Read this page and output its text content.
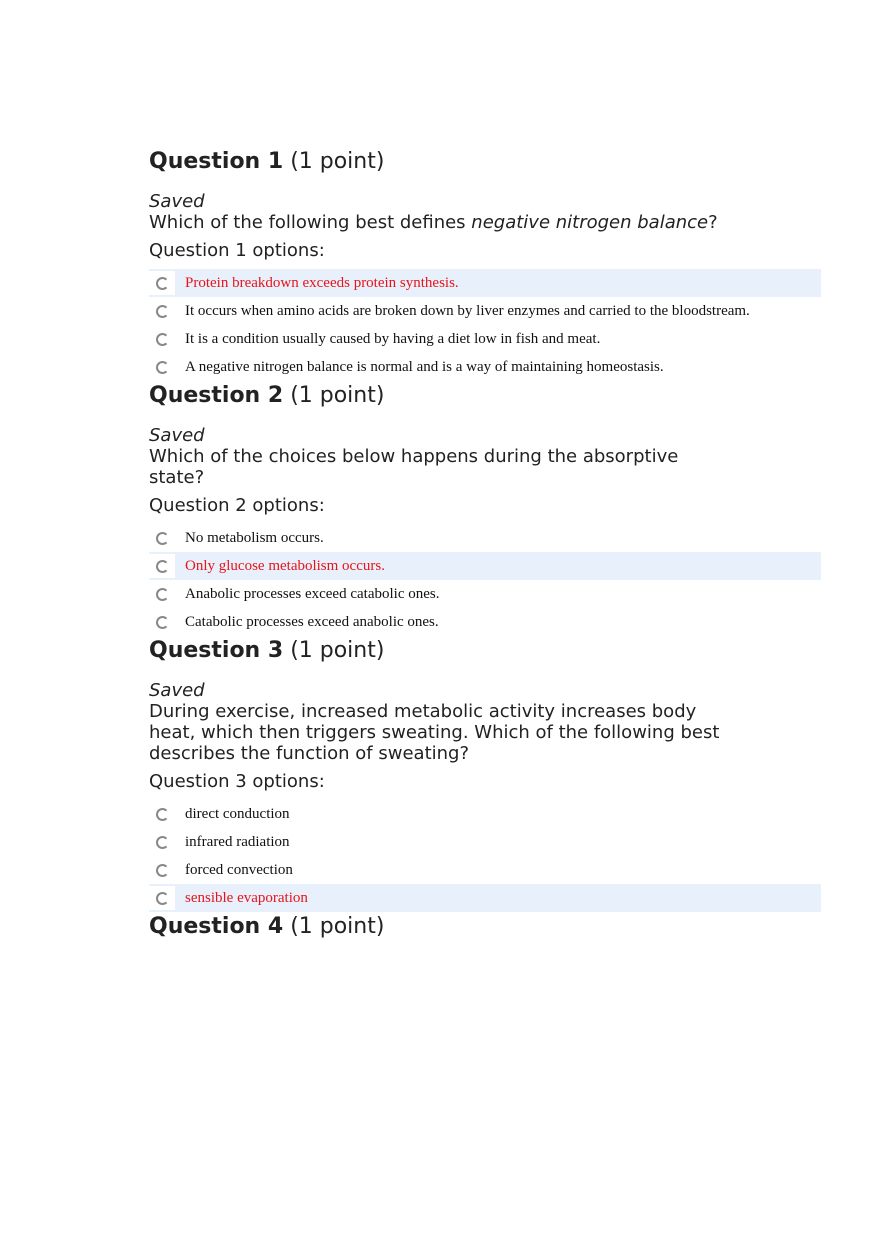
Question 1 (1 point)
Saved
Which of the following best defines negative nitrogen balance?
Question 1 options:
Protein breakdown exceeds protein synthesis.
It occurs when amino acids are broken down by liver enzymes and carried to the bloodstream.
It is a condition usually caused by having a diet low in fish and meat.
A negative nitrogen balance is normal and is a way of maintaining homeostasis.
Question 2 (1 point)
Saved
Which of the choices below happens during the absorptive state?
Question 2 options:
No metabolism occurs.
Only glucose metabolism occurs.
Anabolic processes exceed catabolic ones.
Catabolic processes exceed anabolic ones.
Question 3 (1 point)
Saved
During exercise, increased metabolic activity increases body heat, which then triggers sweating. Which of the following best describes the function of sweating?
Question 3 options:
direct conduction
infrared radiation
forced convection
sensible evaporation
Question 4 (1 point)
